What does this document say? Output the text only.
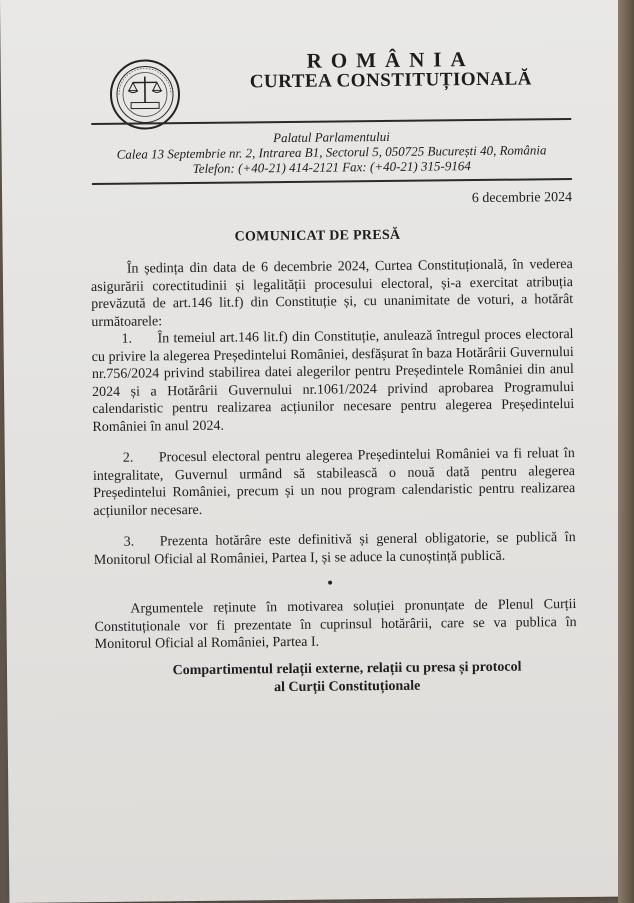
ROMÂNIA
CURTEA CONSTITUȚIONALĂ
Palatul Parlamentului
Calea 13 Septembrie nr. 2, Intrarea B1, Sectorul 5, 050725 București 40, România
Telefon: (+40-21) 414-2121 Fax: (+40-21) 315-9164
6 decembrie 2024
COMUNICAT DE PRESĂ

În ședința din data de 6 decembrie 2024, Curtea Constituțională, în vederea asigurării corectitudinii și legalității procesului electoral, și-a exercitat atribuția prevăzută de art.146 lit.f) din Constituție și, cu unanimitate de voturi, a hotărât următoarele:

1. În temeiul art.146 lit.f) din Constituție, anulează întregul proces electoral cu privire la alegerea Președintelui României, desfășurat în baza Hotărârii Guvernului nr.756/2024 privind stabilirea datei alegerilor pentru Președintele României din anul 2024 și a Hotărârii Guvernului nr.1061/2024 privind aprobarea Programului calendaristic pentru realizarea acțiunilor necesare pentru alegerea Președintelui României în anul 2024.

2. Procesul electoral pentru alegerea Președintelui României va fi reluat în integralitate, Guvernul urmând să stabilească o nouă dată pentru alegerea Președintelui României, precum și un nou program calendaristic pentru realizarea acțiunilor necesare.

3. Prezenta hotărâre este definitivă și general obligatorie, se publică în Monitorul Oficial al României, Partea I, și se aduce la cunoștință publică.

Argumentele reținute în motivarea soluției pronunțate de Plenul Curții Constituționale vor fi prezentate în cuprinsul hotărârii, care se va publica în Monitorul Oficial al României, Partea I.

Compartimentul relații externe, relații cu presa și protocol
al Curții Constituționale
